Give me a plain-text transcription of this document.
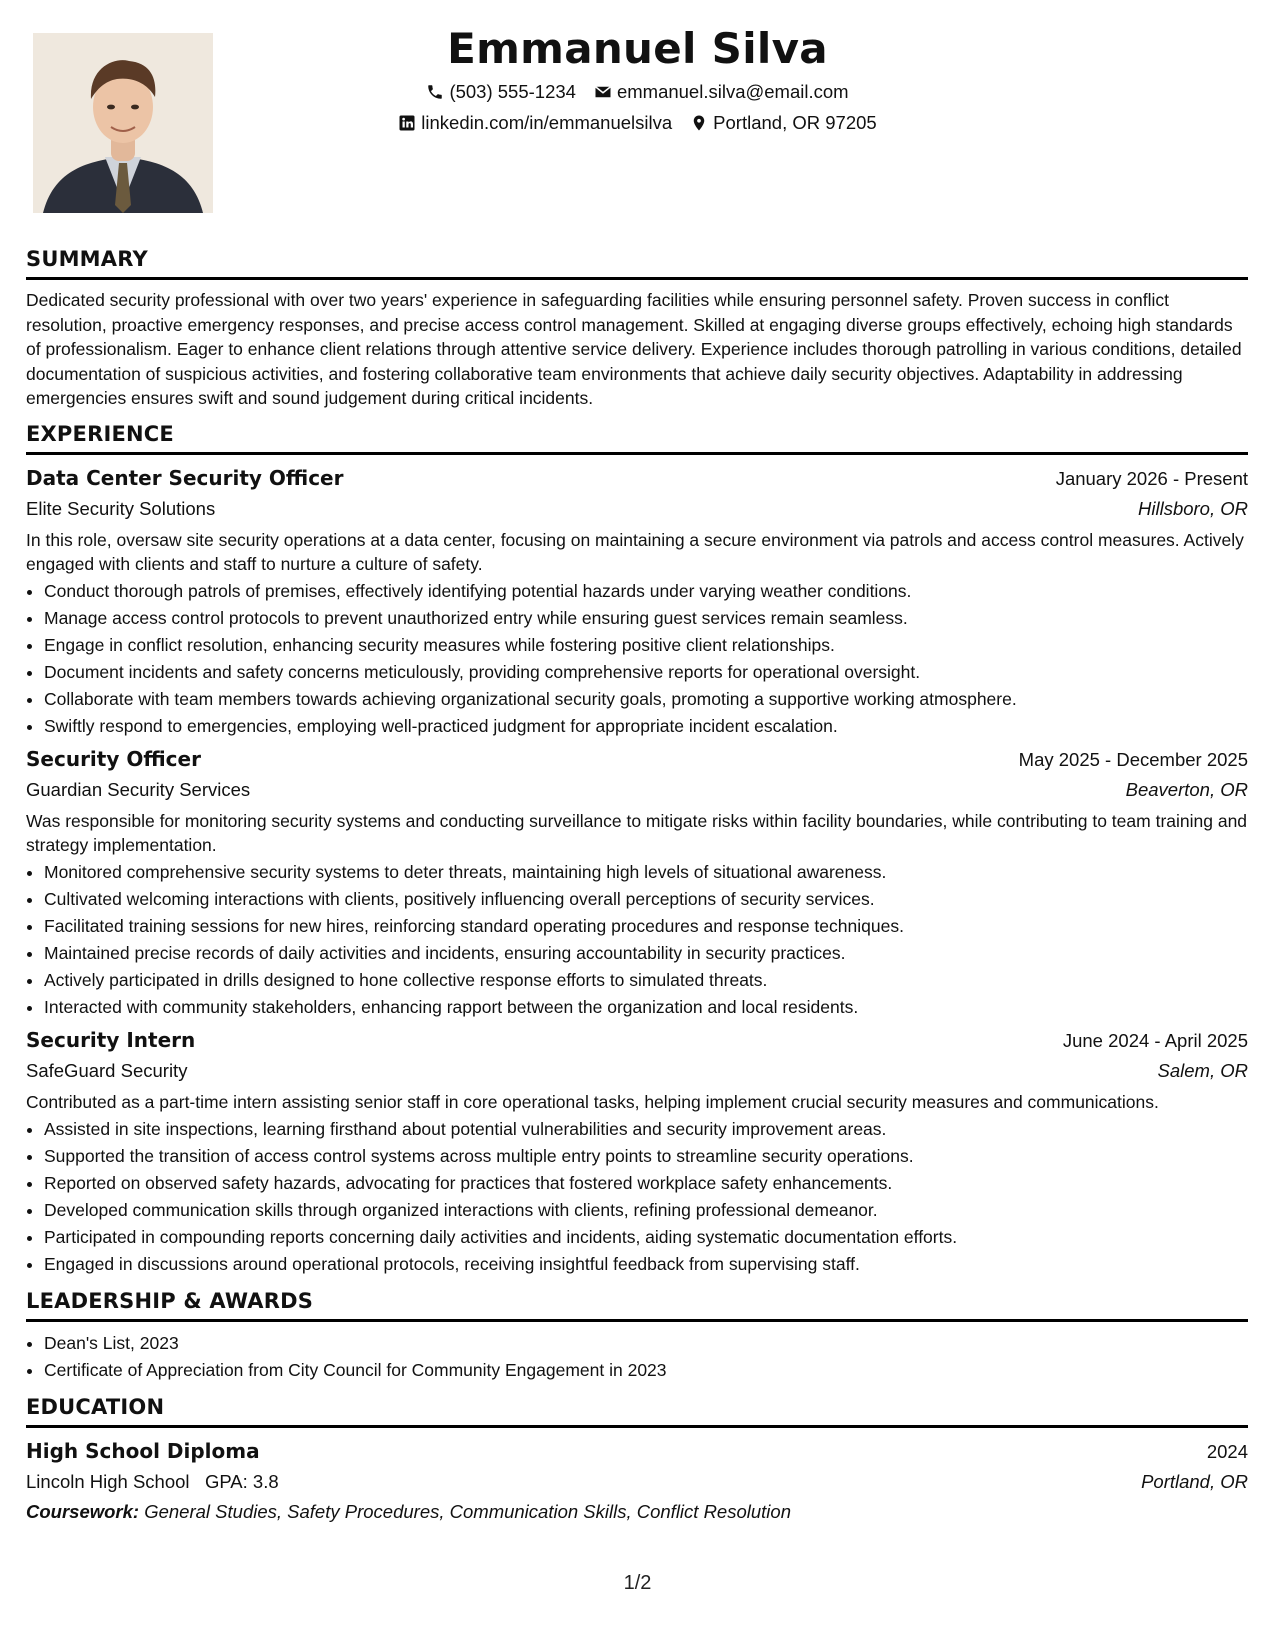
Emmanuel Silva
(503) 555-1234 emmanuel.silva@email.com
linkedin.com/in/emmanuelsilva Portland, OR 97205
SUMMARY

Dedicated security professional with over two years' experience in safeguarding facilities while ensuring personnel safety. Proven success in conflict resolution, proactive emergency responses, and precise access control management. Skilled at engaging diverse groups effectively, echoing high standards of professionalism. Eager to enhance client relations through attentive service delivery. Experience includes thorough patrolling in various conditions, detailed documentation of suspicious activities, and fostering collaborative team environments that achieve daily security objectives. Adaptability in addressing emergencies ensures swift and sound judgement during critical incidents.

EXPERIENCE
Data Center Security Officer	January 2026 - Present
Elite Security Solutions	Hillsboro, OR

In this role, oversaw site security operations at a data center, focusing on maintaining a secure environment via patrols and access control measures. Actively engaged with clients and staff to nurture a culture of safety.

• Conduct thorough patrols of premises, effectively identifying potential hazards under varying weather conditions.
• Manage access control protocols to prevent unauthorized entry while ensuring guest services remain seamless.
• Engage in conflict resolution, enhancing security measures while fostering positive client relationships.
• Document incidents and safety concerns meticulously, providing comprehensive reports for operational oversight.
• Collaborate with team members towards achieving organizational security goals, promoting a supportive working atmosphere.
• Swiftly respond to emergencies, employing well-practiced judgment for appropriate incident escalation.
Security Officer	May 2025 - December 2025
Guardian Security Services	Beaverton, OR

Was responsible for monitoring security systems and conducting surveillance to mitigate risks within facility boundaries, while contributing to team training and strategy implementation.

• Monitored comprehensive security systems to deter threats, maintaining high levels of situational awareness.
• Cultivated welcoming interactions with clients, positively influencing overall perceptions of security services.
• Facilitated training sessions for new hires, reinforcing standard operating procedures and response techniques.
• Maintained precise records of daily activities and incidents, ensuring accountability in security practices.
• Actively participated in drills designed to hone collective response efforts to simulated threats.
• Interacted with community stakeholders, enhancing rapport between the organization and local residents.
Security Intern	June 2024 - April 2025
SafeGuard Security	Salem, OR

Contributed as a part-time intern assisting senior staff in core operational tasks, helping implement crucial security measures and communications.

• Assisted in site inspections, learning firsthand about potential vulnerabilities and security improvement areas.
• Supported the transition of access control systems across multiple entry points to streamline security operations.
• Reported on observed safety hazards, advocating for practices that fostered workplace safety enhancements.
• Developed communication skills through organized interactions with clients, refining professional demeanor.
• Participated in compounding reports concerning daily activities and incidents, aiding systematic documentation efforts.
• Engaged in discussions around operational protocols, receiving insightful feedback from supervising staff.
LEADERSHIP & AWARDS
• Dean's List, 2023
• Certificate of Appreciation from City Council for Community Engagement in 2023
EDUCATION
High School Diploma	2024
Lincoln High School GPA: 3.8	Portland, OR
Coursework: General Studies, Safety Procedures, Communication Skills, Conflict Resolution
1/2
